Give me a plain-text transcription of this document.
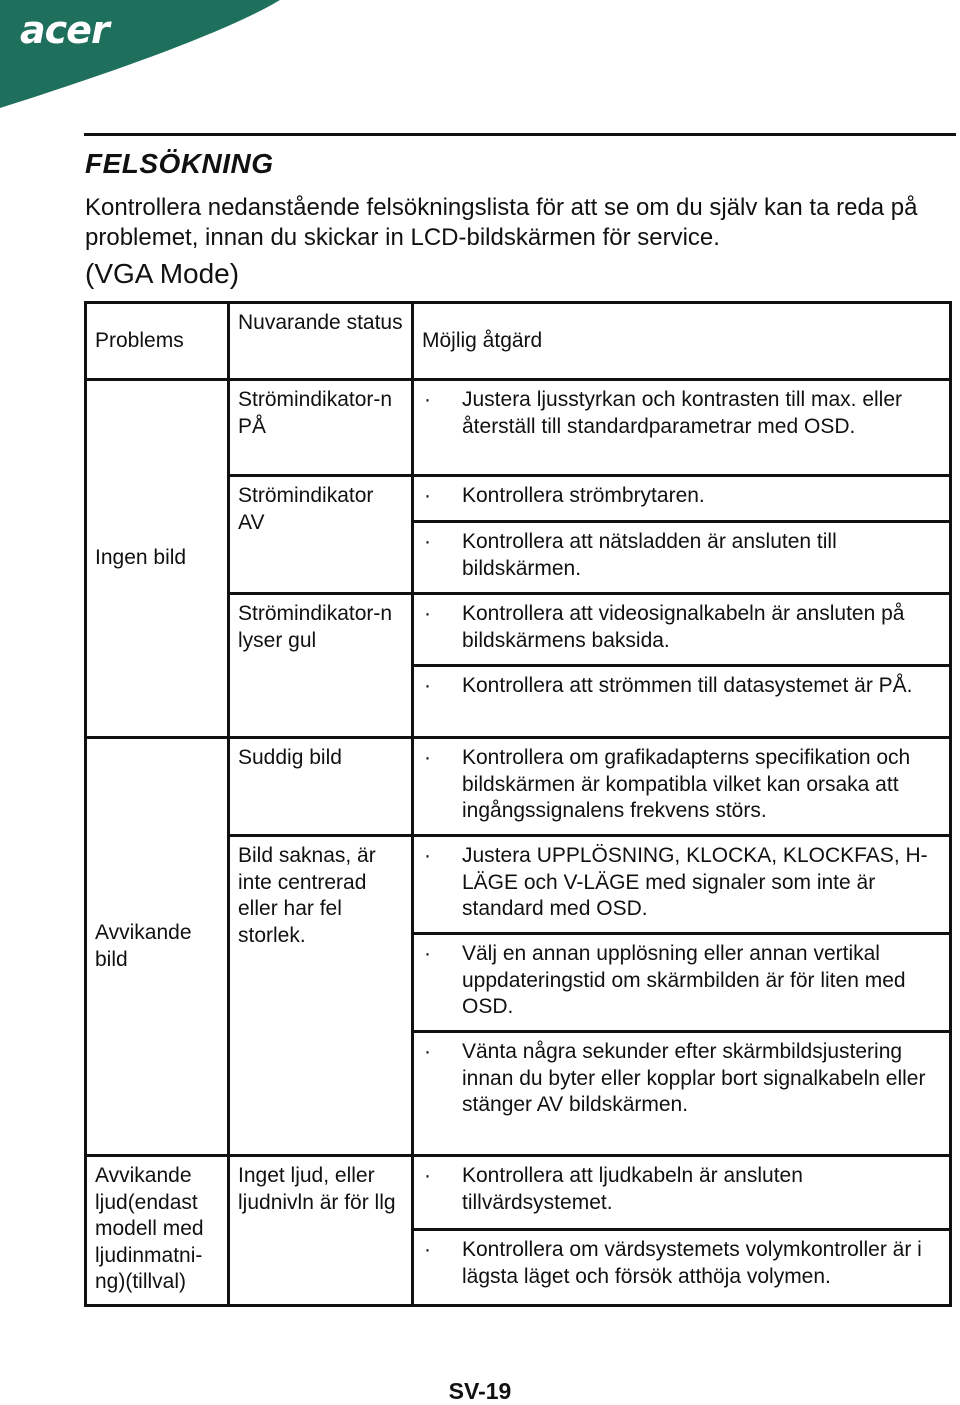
acer
FELSÖKNING

Kontrollera nedanstående felsökningslista för att se om du själv kan ta reda på problemet, innan du skickar in LCD-bildskärmen för service.

(VGA Mode)

Problems	Nuvarande status	Möjlig åtgärd
Ingen bild	Strömindikator-n PÅ	· Justera ljusstyrkan och kontrasten till max. eller återställ till standardparametrar med OSD.
	Strömindikator AV	· Kontrollera strömbrytaren.

		· Kontrollera att nätsladden är ansluten till bildskärmen.
	Strömindikator-n lyser gul	· Kontrollera att videosignalkabeln är ansluten på bildskärmens baksida.

		· Kontrollera att strömmen till datasystemet är PÅ.
Avvikande bild	Suddig bild	· Kontrollera om grafikadapterns specifikation och bildskärmen är kompatibla vilket kan orsaka att ingångssignalens frekvens störs.
	Bild saknas, är inte centrerad eller har fel storlek.	· Justera UPPLÖSNING, KLOCKA, KLOCKFAS, H-LÄGE och V-LÄGE med signaler som inte är standard med OSD.

		· Välj en annan upplösning eller annan vertikal uppdateringstid om skärmbilden är för liten med OSD.

		· Vänta några sekunder efter skärmbildsjustering innan du byter eller kopplar bort signalkabeln eller stänger AV bildskärmen.
Avvikande ljud(endast modell med ljudinmatni-ng)(tillval)	Inget ljud, eller ljudnivln är för llg	· Kontrollera att ljudkabeln är ansluten tillvärdsystemet.

		· Kontrollera om värdsystemets volymkontroller är i lägsta läget och försök atthöja volymen.
SV-19
